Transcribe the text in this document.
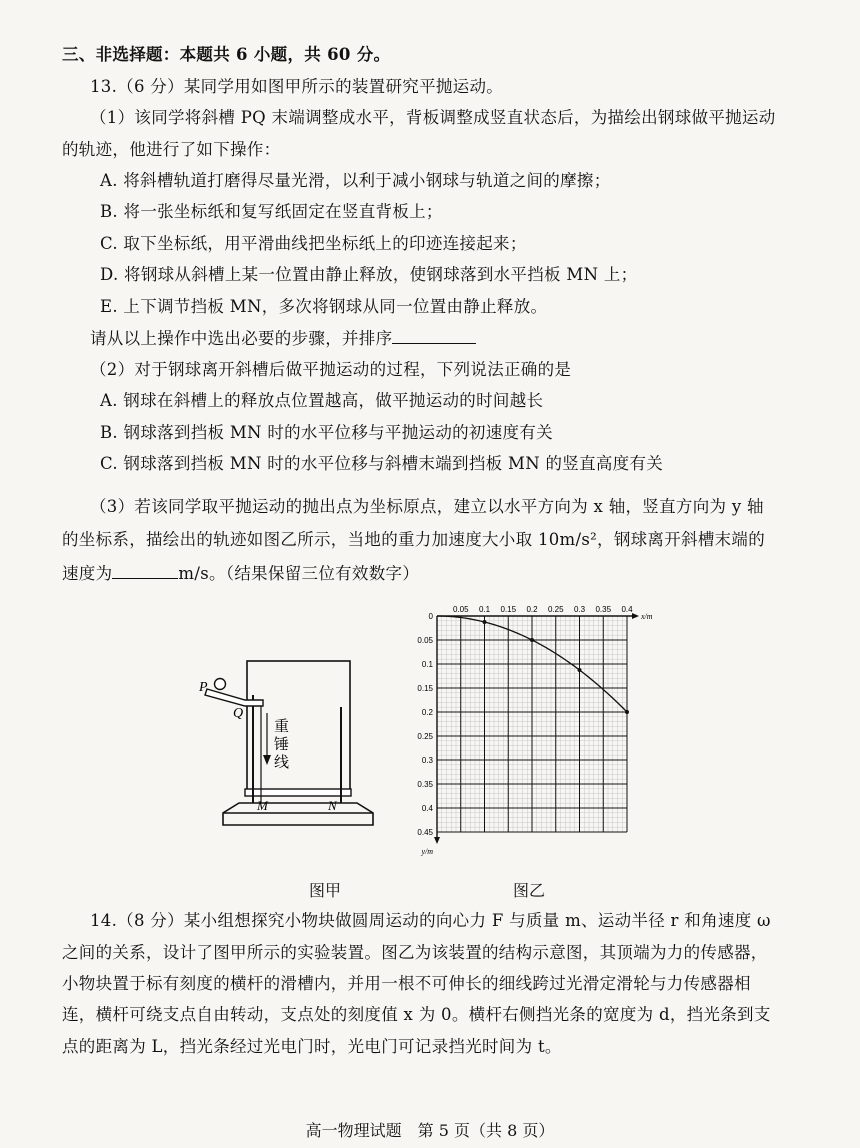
三、非选择题：本题共 6 小题，共 60 分。
13.（6 分）某同学用如图甲所示的装置研究平抛运动。
（1）该同学将斜槽 PQ 末端调整成水平，背板调整成竖直状态后，为描绘出钢球做平抛运动
的轨迹，他进行了如下操作：
A. 将斜槽轨道打磨得尽量光滑，以利于减小钢球与轨道之间的摩擦；
B. 将一张坐标纸和复写纸固定在竖直背板上；
C. 取下坐标纸，用平滑曲线把坐标纸上的印迹连接起来；
D. 将钢球从斜槽上某一位置由静止释放，使钢球落到水平挡板 MN 上；
E. 上下调节挡板 MN，多次将钢球从同一位置由静止释放。
请从以上操作中选出必要的步骤，并排序
（2）对于钢球离开斜槽后做平抛运动的过程，下列说法正确的是
A. 钢球在斜槽上的释放点位置越高，做平抛运动的时间越长
B. 钢球落到挡板 MN 时的水平位移与平抛运动的初速度有关
C. 钢球落到挡板 MN 时的水平位移与斜槽末端到挡板 MN 的竖直高度有关
（3）若该同学取平抛运动的抛出点为坐标原点，建立以水平方向为 x 轴，竖直方向为 y 轴
的坐标系，描绘出的轨迹如图乙所示，当地的重力加速度大小取 10m/s²，钢球离开斜槽末端的
速度为	m/s。（结果保留三位有效数字）
P
Q
M	N
重
锤
线
图甲
0.05 0.1 0.15 0.2 0.25 0.3 0.35 0.4
0
0.05
0.1
0.15
0.2
0.25
0.3
0.35
0.4
0.45
x/m
y/m
图乙
14.（8 分）某小组想探究小物块做圆周运动的向心力 F 与质量 m、运动半径 r 和角速度 ω
之间的关系，设计了图甲所示的实验装置。图乙为该装置的结构示意图，其顶端为力的传感器，
小物块置于标有刻度的横杆的滑槽内，并用一根不可伸长的细线跨过光滑定滑轮与力传感器相
连，横杆可绕支点自由转动，支点处的刻度值 x 为 0。横杆右侧挡光条的宽度为 d，挡光条到支
点的距离为 L，挡光条经过光电门时，光电门可记录挡光时间为 t。
高一物理试题　第 5 页（共 8 页）
